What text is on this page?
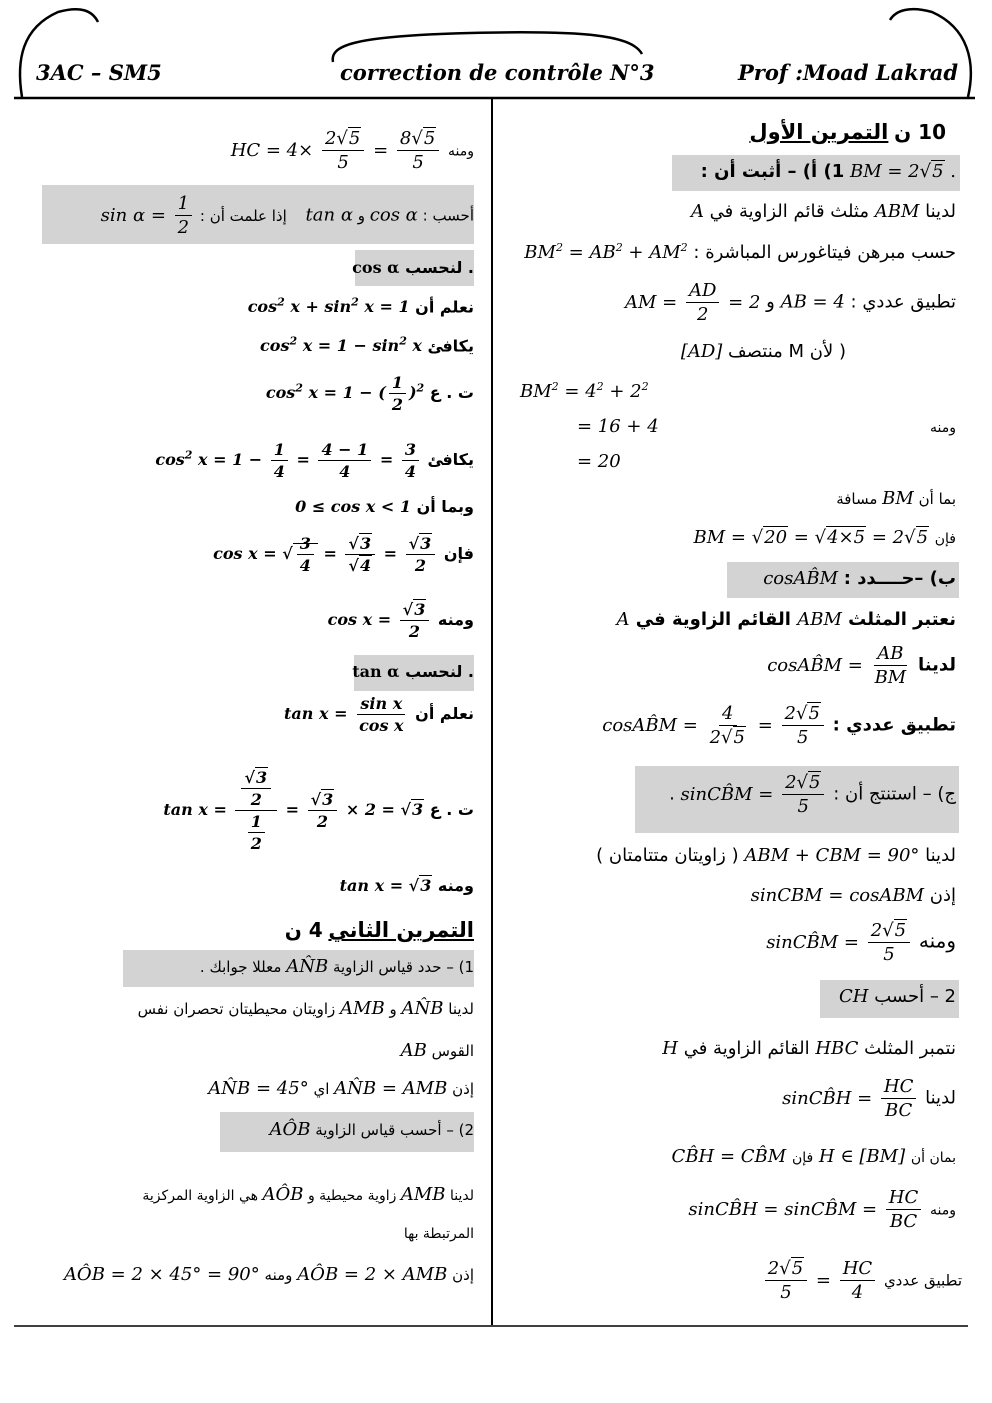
3AC – SM5	correction de contrôle N°3	Prof :Moad Lakrad
التمرين الأول 10 ن
1) أ) – أثبت أن : BM = 2 √ 5 .
لدينا ABM مثلث قائم الزاوية في A
حسب مبرهن فيتاغورس المباشرة : $BM^2 = AB^2 + AM^2$
تطبيق عددي : AB = 4 و AM = $\frac{AD}{2} = 2$
( لأن M منتصف [AD]
$BM^2 = 4^2 + 2^2$
= 16 + 4	ومنه
= 20
بما أن BM مسافة
فإن BM = √ 20 = √ 4×5 = 2 √ 5
ب) –حــــدد : cosAB̂M
نعتبر المثلث ABM القائم الزاوية في A
لدينا cosAB̂M = $\frac{AB}{BM}$
تطبيق عددي : cosAB̂M = $\frac{4}{2 √ 5} = \frac{2 √ 5}{5}$
ج) – استنتج أن : sinCB̂M = $\frac{2 √ 5}{5}$
.
لدينا ABM + CBM = 90° ( زاويتان متتامتان )
إذن sinCBM = cosABM
ومنه sinCB̂M = $\frac{2 √ 5}{5}$
2 – أحسب CH
نتمبر المثلث HBC القائم الزاوية في H
لدينا sinCB̂H = $\frac{HC}{BC}$
بمان أن H ∈ [BM] فإن CB̂H = CB̂M
ومنه sinCB̂H = sinCB̂M = $\frac{HC}{BC}$
تطبيق عددي
$\frac{2 √ 5}{5} = \frac{HC}{4}$
ومنه HC = $4\times \frac{2 √ 5}{5} = \frac{8 √ 5}{5}$
أحسب : cos α و tan α إذا علمت أن : $\sin \alpha = \frac{1}{2}$
. لنحسب cos α
نعلم أن $\cos^2 x + \sin^2 x = 1$
يكافئ $\cos^2 x = 1 - \sin^2 x$
ت . ع $\cos^2 x = 1$ − ( $\frac{1}{2} )^2$
يكافئ $\cos^2 x = 1 - \frac{1}{4} = \frac{4 - 1}{4} = \frac{3}{4}$
وبما أن 0 ≤ cos x < 1
فإن cos x = √ $\frac{3}{4}$ = √ 3
√ 4 = √ $\frac{3}{2}$
ومنه cos x = √ $\frac{3}{2}$
. لنحسب tan α
نعلم أن $\tan x = \frac{\text{sin x}}{\text{cos x}}$
ت . ع tan x = √ $\frac{\frac{3}{2}}{\frac{1}{2}}$ = √ $\frac{3}{2} \times 2$ = √ 3
ومنه tan x = √ 3
التمرين الثاني 4 ن
1) – حدد قياس الزاوية AN̂B معللا جوابك .
لدينا AN̂B و AMB زاويتان محيطيتان تحصران نفس
القوس AB
إذن AN̂B = AMB اي AN̂B = 45°
2) – أحسب قياس الزاوية AÔB
لدينا AMB زاوية محيطية و AÔB هي الزاوية المركزية
المرتبطة بها
إذن AÔB = 2 × AMB ومنه AÔB = 2 × 45° = 90°
